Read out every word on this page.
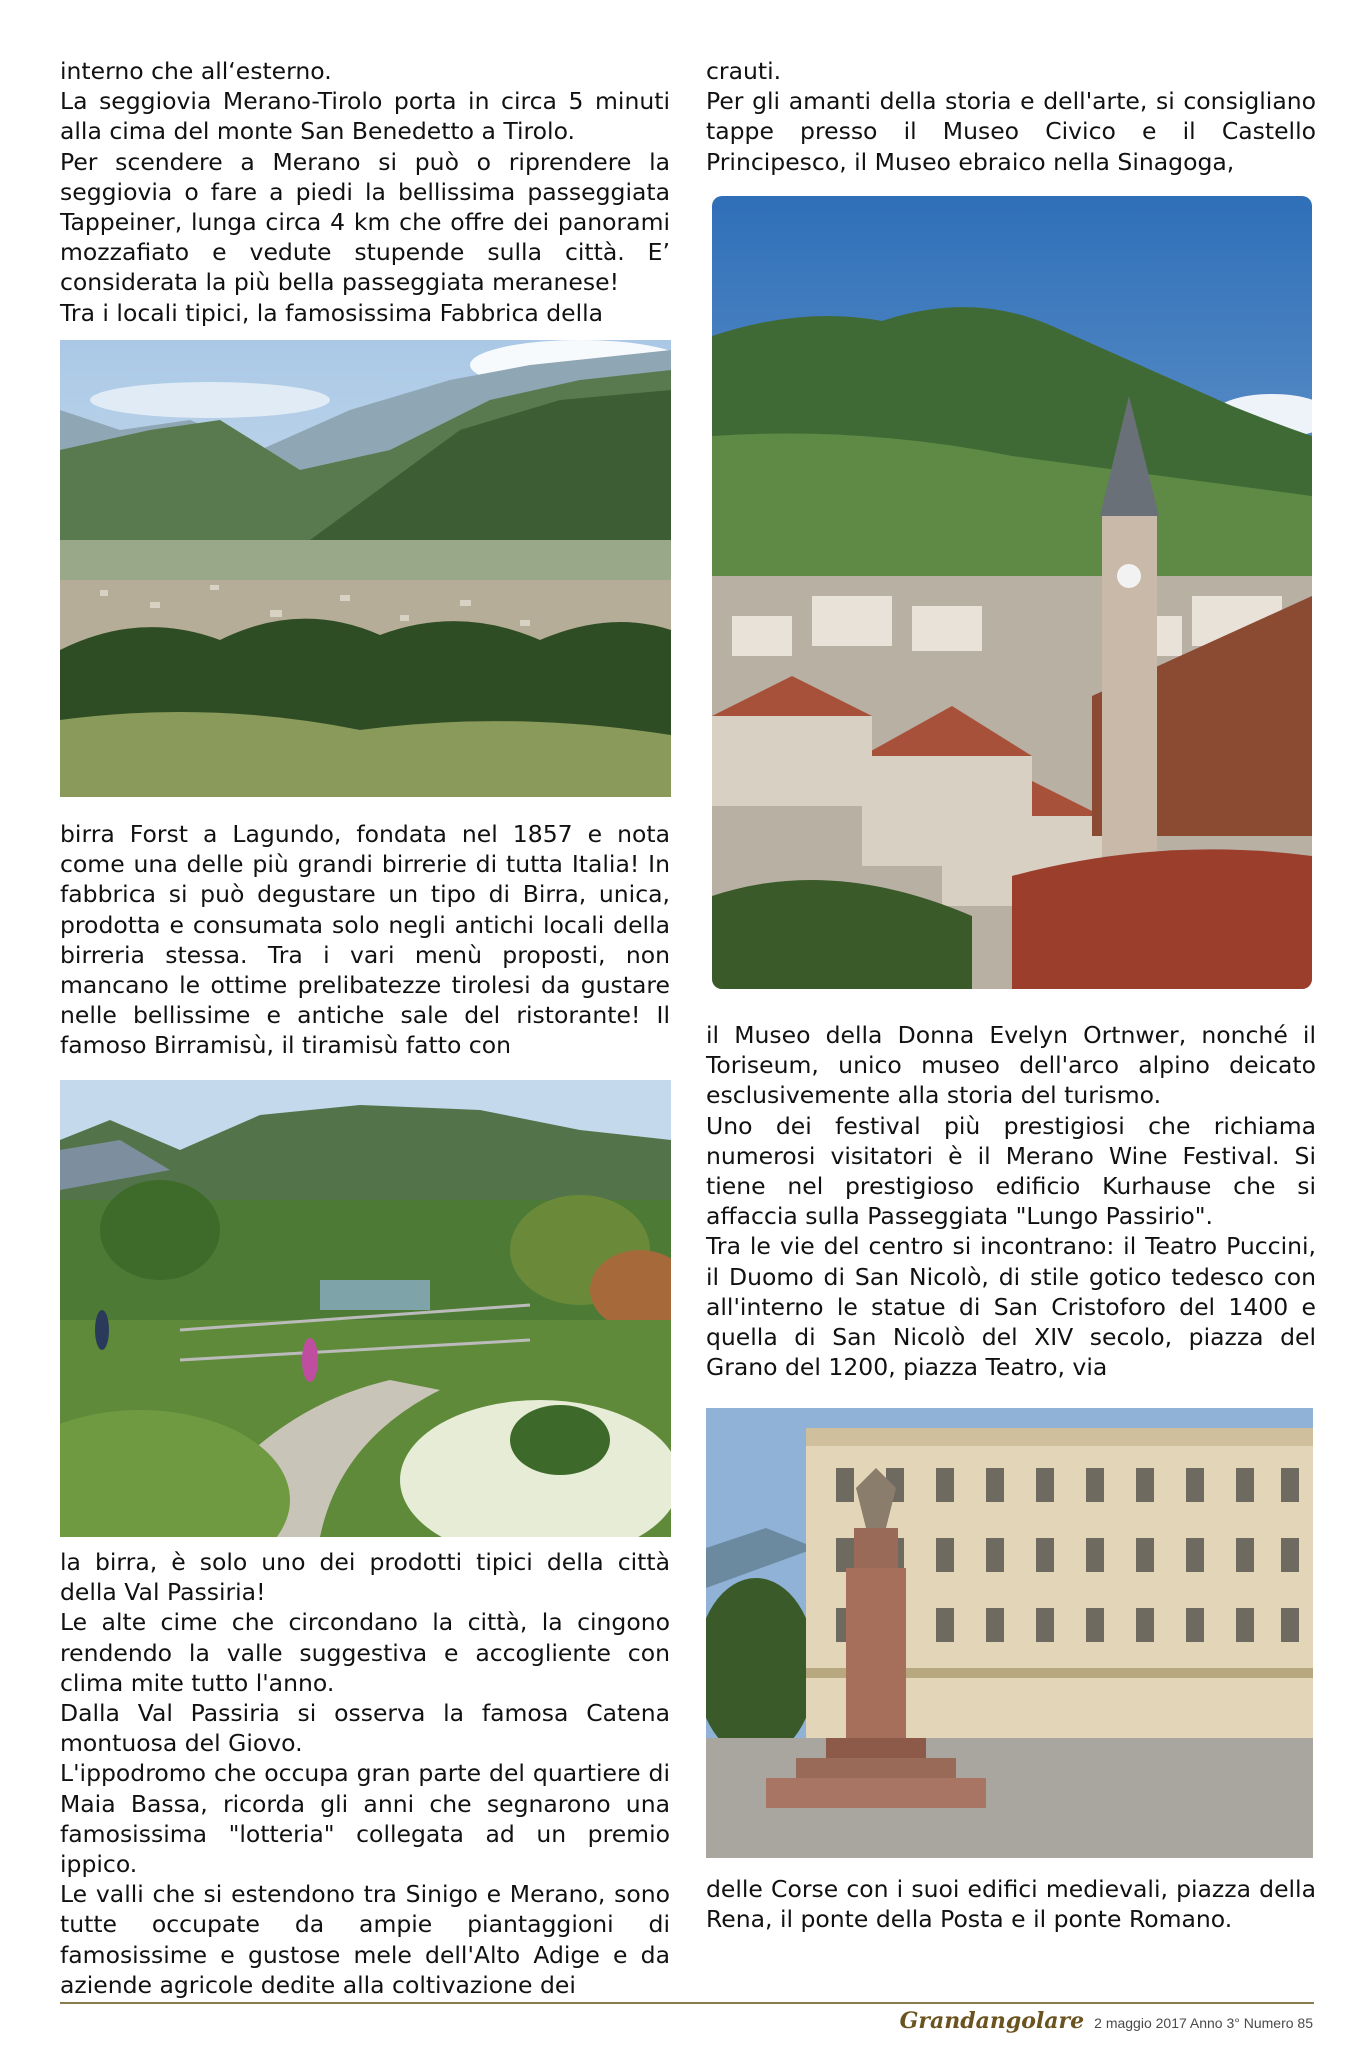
interno che all‘esterno.

La seggiovia Merano-Tirolo porta in circa 5 minuti alla cima del monte San Benedetto a Tirolo.

Per scendere a Merano si può o riprendere la seggiovia o fare a piedi la bellissima passeggiata Tappeiner, lunga circa 4 km che offre dei panorami mozzafiato e vedute stupende sulla città. E’ considerata la più bella passeggiata meranese!

Tra i locali tipici, la famosissima Fabbrica della

birra Forst a Lagundo, fondata nel 1857 e nota come una delle più grandi birrerie di tutta Italia! In fabbrica si può degustare un tipo di Birra, unica, prodotta e consumata solo negli antichi locali della birreria stessa. Tra i vari menù proposti, non mancano le ottime prelibatezze tirolesi da gustare nelle bellissime e antiche sale del ristorante! Il famoso Birramisù, il tiramisù fatto con

la birra, è solo uno dei prodotti tipici della città della Val Passiria!

Le alte cime che circondano la città, la cingono rendendo la valle suggestiva e accogliente con clima mite tutto l'anno.

Dalla Val Passiria si osserva la famosa Catena montuosa del Giovo.

L'ippodromo che occupa gran parte del quartiere di Maia Bassa, ricorda gli anni che segnarono una famosissima "lotteria" collegata ad un premio ippico.

Le valli che si estendono tra Sinigo e Merano, sono tutte occupate da ampie piantaggioni di famosissime e gustose mele dell'Alto Adige e da aziende agricole dedite alla coltivazione dei

crauti.

Per gli amanti della storia e dell'arte, si consigliano tappe presso il Museo Civico e il Castello Principesco, il Museo ebraico nella Sinagoga,

il Museo della Donna Evelyn Ortnwer, nonché il Toriseum, unico museo dell'arco alpino deicato esclusivemente alla storia del turismo.

Uno dei festival più prestigiosi che richiama numerosi visitatori è il Merano Wine Festival. Si tiene nel prestigioso edificio Kurhause che si affaccia sulla Passeggiata "Lungo Passirio".

Tra le vie del centro si incontrano: il Teatro Puccini, il Duomo di San Nicolò, di stile gotico tedesco con all'interno le statue di San Cristoforo del 1400 e quella di San Nicolò del XIV secolo, piazza del Grano del 1200, piazza Teatro, via

delle Corse con i suoi edifici medievali, piazza della Rena, il ponte della Posta e il ponte Romano.

Grandangolare 2 maggio 2017 Anno 3° Numero 85
